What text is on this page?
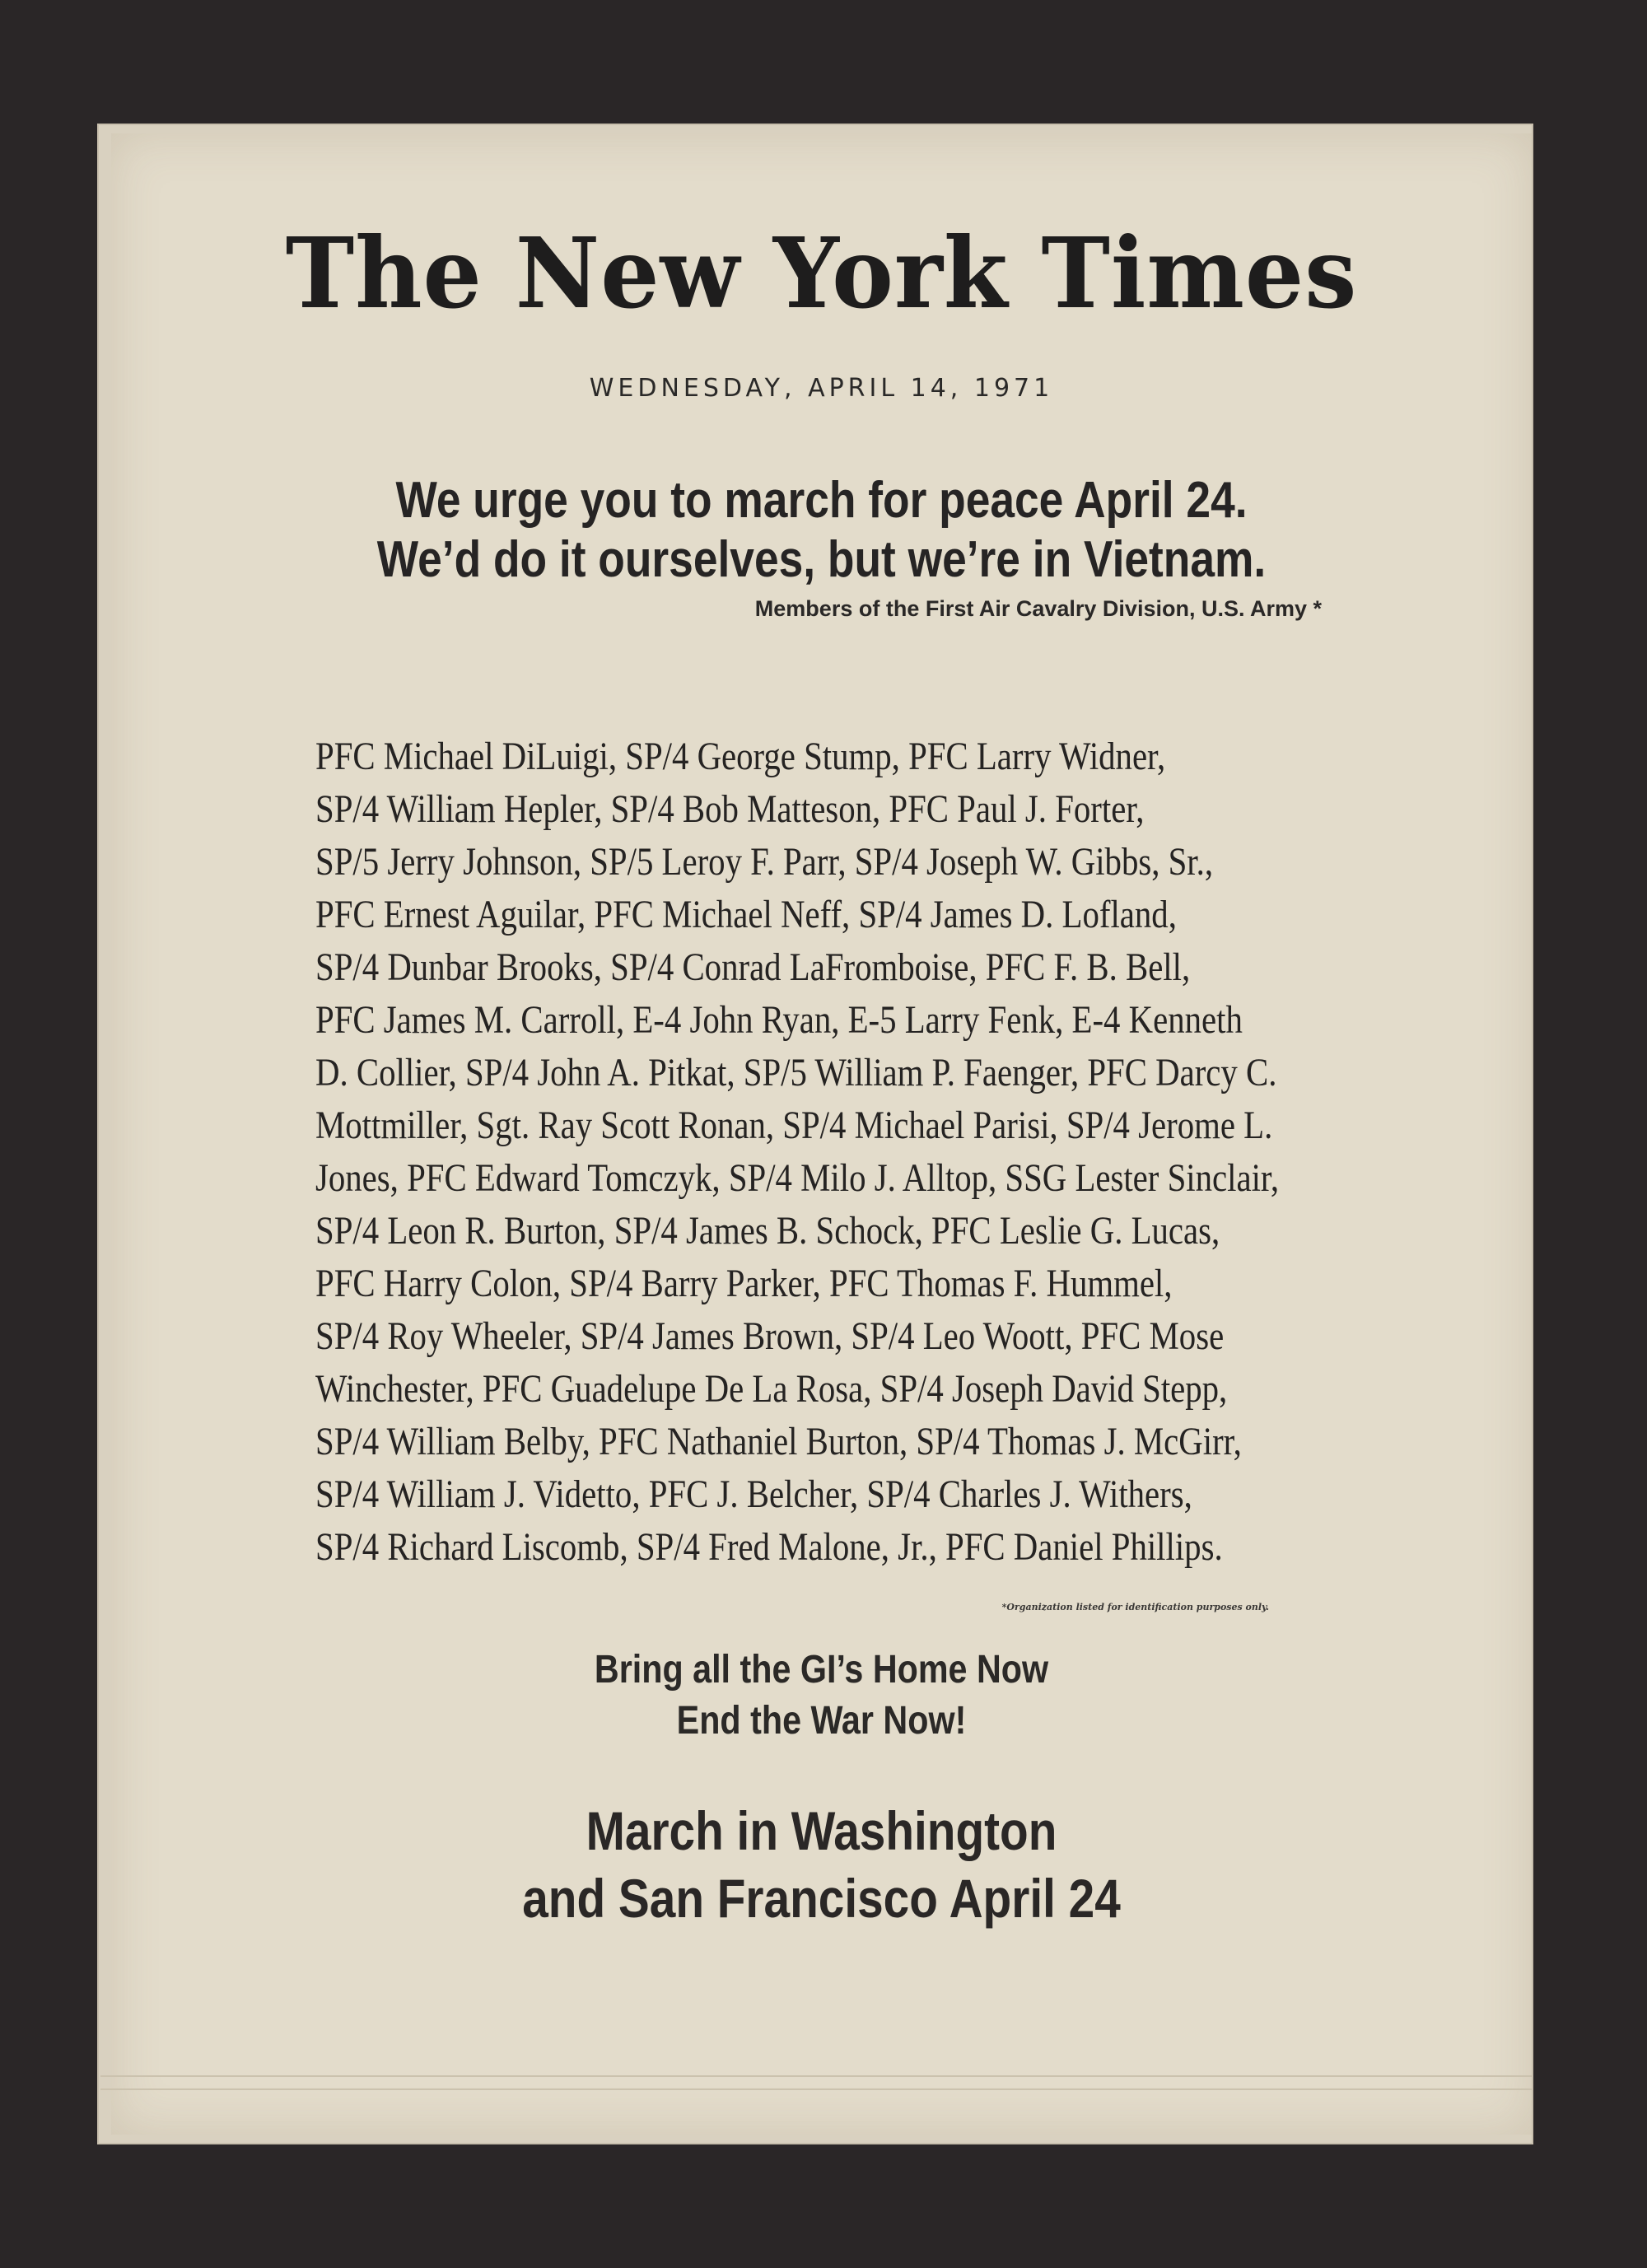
The New York Times
WEDNESDAY, APRIL 14, 1971
We urge you to march for peace April 24.
We’d do it ourselves, but we’re in Vietnam.
Members of the First Air Cavalry Division, U.S. Army *
PFC Michael DiLuigi, SP/4 George Stump, PFC Larry Widner,
SP/4 William Hepler, SP/4 Bob Matteson, PFC Paul J. Forter,
SP/5 Jerry Johnson, SP/5 Leroy F. Parr, SP/4 Joseph W. Gibbs, Sr.,
PFC Ernest Aguilar, PFC Michael Neff, SP/4 James D. Lofland,
SP/4 Dunbar Brooks, SP/4 Conrad LaFromboise, PFC F. B. Bell,
PFC James M. Carroll, E-4 John Ryan, E-5 Larry Fenk, E-4 Kenneth
D. Collier, SP/4 John A. Pitkat, SP/5 William P. Faenger, PFC Darcy C.
Mottmiller, Sgt. Ray Scott Ronan, SP/4 Michael Parisi, SP/4 Jerome L.
Jones, PFC Edward Tomczyk, SP/4 Milo J. Alltop, SSG Lester Sinclair,
SP/4 Leon R. Burton, SP/4 James B. Schock, PFC Leslie G. Lucas,
PFC Harry Colon, SP/4 Barry Parker, PFC Thomas F. Hummel,
SP/4 Roy Wheeler, SP/4 James Brown, SP/4 Leo Woott, PFC Mose
Winchester, PFC Guadelupe De La Rosa, SP/4 Joseph David Stepp,
SP/4 William Belby, PFC Nathaniel Burton, SP/4 Thomas J. McGirr,
SP/4 William J. Videtto, PFC J. Belcher, SP/4 Charles J. Withers,
SP/4 Richard Liscomb, SP/4 Fred Malone, Jr., PFC Daniel Phillips.
*Organization listed for identification purposes only.
Bring all the GI’s Home Now
End the War Now!
March in Washington
and San Francisco April 24
